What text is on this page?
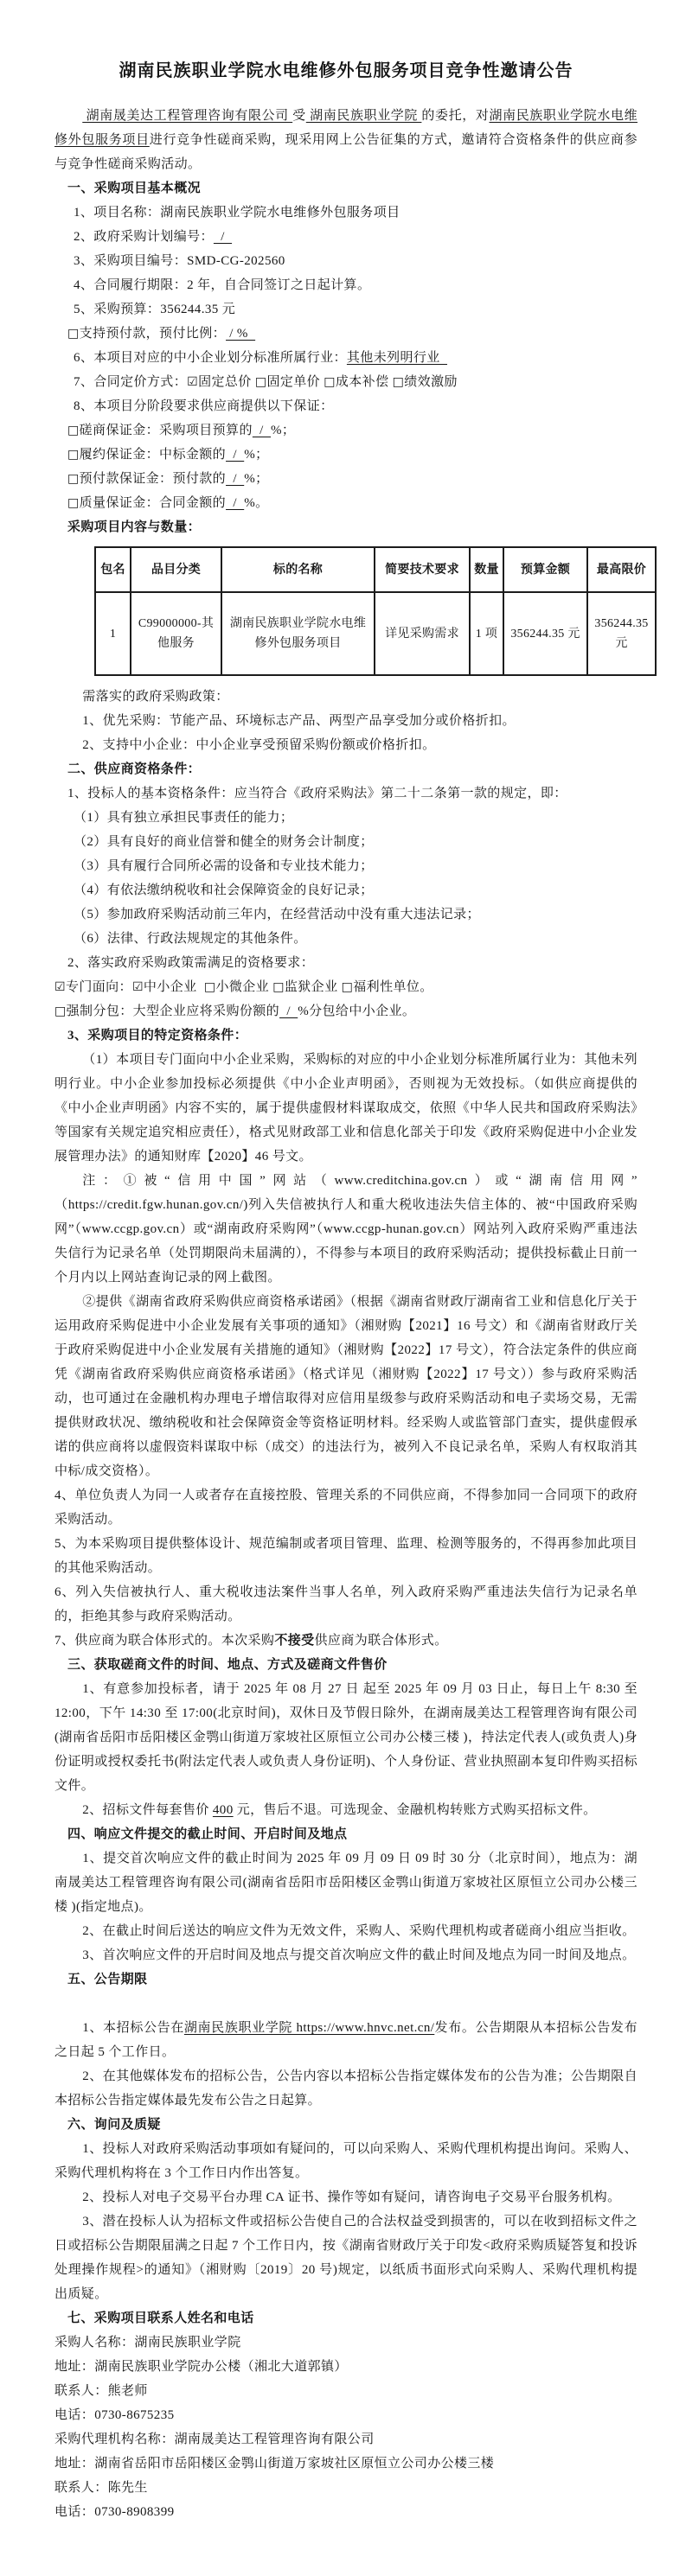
湖南民族职业学院水电维修外包服务项目竞争性邀请公告
湖南晟美达工程管理咨询有限公司 受 湖南民族职业学院 的委托，对湖南民族职业学院水电维修外包服务项目进行竞争性磋商采购，现采用网上公告征集的方式，邀请符合资格条件的供应商参与竞争性磋商采购活动。
一、采购项目基本概况
1、项目名称：湖南民族职业学院水电维修外包服务项目
2、政府采购计划编号：  /
3、采购项目编号：SMD-CG-202560
4、合同履行期限：2 年，自合同签订之日起计算。
5、采购预算：356244.35 元
□支持预付款，预付比例： / %
6、本项目对应的中小企业划分标准所属行业：其他未列明行业
7、合同定价方式：☑固定总价 □固定单价 □成本补偿 □绩效激励
8、本项目分阶段要求供应商提供以下保证：
□磋商保证金：采购项目预算的  /  %；
□履约保证金：中标金额的  /  %；
□预付款保证金：预付款的  /  %；
□质量保证金：合同金额的  /  %。
采购项目内容与数量：
包名	品目分类	标的名称	简要技术要求	数量	预算金额	最高限价
1	C99000000-其他服务	湖南民族职业学院水电维修外包服务项目	详见采购需求	1 项	356244.35 元	356244.35 元
需落实的政府采购政策：
1、优先采购：节能产品、环境标志产品、两型产品享受加分或价格折扣。
2、支持中小企业：中小企业享受预留采购份额或价格折扣。
二、供应商资格条件：
1、投标人的基本资格条件：应当符合《政府采购法》第二十二条第一款的规定，即：
（1）具有独立承担民事责任的能力；
（2）具有良好的商业信誉和健全的财务会计制度；
（3）具有履行合同所必需的设备和专业技术能力；
（4）有依法缴纳税收和社会保障资金的良好记录；
（5）参加政府采购活动前三年内，在经营活动中没有重大违法记录；
（6）法律、行政法规规定的其他条件。
2、落实政府采购政策需满足的资格要求：
☑专门面向：☑中小企业  □小微企业 □监狱企业 □福利性单位。
□强制分包：大型企业应将采购份额的  /  %分包给中小企业。
3、采购项目的特定资格条件：
（1）本项目专门面向中小企业采购，采购标的对应的中小企业划分标准所属行业为：其他未列明行业。中小企业参加投标必须提供《中小企业声明函》，否则视为无效投标。（如供应商提供的《中小企业声明函》内容不实的，属于提供虚假材料谋取成交，依照《中华人民共和国政府采购法》等国家有关规定追究相应责任），格式见财政部工业和信息化部关于印发《政府采购促进中小企业发展管理办法》的通知财库【2020】46 号文。
注：①被“信用中国”网站（www.creditchina.gov.cn）或“湖南信用网”（https://credit.fgw.hunan.gov.cn/)列入失信被执行人和重大税收违法失信主体的、被“中国政府采购网”（www.ccgp.gov.cn）或“湖南政府采购网”（www.ccgp-hunan.gov.cn）网站列入政府采购严重违法失信行为记录名单（处罚期限尚未届满的），不得参与本项目的政府采购活动；提供投标截止日前一个月内以上网站查询记录的网上截图。
②提供《湖南省政府采购供应商资格承诺函》（根据《湖南省财政厅湖南省工业和信息化厅关于运用政府采购促进中小企业发展有关事项的通知》（湘财购【2021】16 号文）和《湖南省财政厅关于政府采购促进中小企业发展有关措施的通知》（湘财购【2022】17 号文），符合法定条件的供应商凭《湖南省政府采购供应商资格承诺函》（格式详见（湘财购【2022】17 号文））参与政府采购活动，也可通过在金融机构办理电子增信取得对应信用星级参与政府采购活动和电子卖场交易，无需提供财政状况、缴纳税收和社会保障资金等资格证明材料。经采购人或监管部门查实，提供虚假承诺的供应商将以虚假资料谋取中标（成交）的违法行为，被列入不良记录名单，采购人有权取消其中标/成交资格）。
4、单位负责人为同一人或者存在直接控股、管理关系的不同供应商，不得参加同一合同项下的政府采购活动。
5、为本采购项目提供整体设计、规范编制或者项目管理、监理、检测等服务的，不得再参加此项目的其他采购活动。
6、列入失信被执行人、重大税收违法案件当事人名单，列入政府采购严重违法失信行为记录名单的，拒绝其参与政府采购活动。
7、供应商为联合体形式的。本次采购不接受供应商为联合体形式。
三、获取磋商文件的时间、地点、方式及磋商文件售价
1、有意参加投标者，请于 2025 年 08 月 27 日 起至 2025 年 09 月 03 日止，每日上午 8:30 至 12:00，下午 14:30 至 17:00(北京时间)，双休日及节假日除外，在湖南晟美达工程管理咨询有限公司(湖南省岳阳市岳阳楼区金鹗山街道万家坡社区原恒立公司办公楼三楼 )，持法定代表人(或负责人)身份证明或授权委托书(附法定代表人或负责人身份证明)、个人身份证、营业执照副本复印件购买招标文件。
2、招标文件每套售价 400 元，售后不退。可选现金、金融机构转账方式购买招标文件。
四、响应文件提交的截止时间、开启时间及地点
1、提交首次响应文件的截止时间为 2025 年 09 月 09 日 09 时 30 分（北京时间），地点为：湖南晟美达工程管理咨询有限公司(湖南省岳阳市岳阳楼区金鹗山街道万家坡社区原恒立公司办公楼三楼 )(指定地点)。
2、在截止时间后送达的响应文件为无效文件，采购人、采购代理机构或者磋商小组应当拒收。
3、首次响应文件的开启时间及地点与提交首次响应文件的截止时间及地点为同一时间及地点。
五、公告期限
1、本招标公告在湖南民族职业学院 https://www.hnvc.net.cn/发布。公告期限从本招标公告发布之日起 5 个工作日。
2、在其他媒体发布的招标公告，公告内容以本招标公告指定媒体发布的公告为准；公告期限自本招标公告指定媒体最先发布公告之日起算。
六、询问及质疑
1、投标人对政府采购活动事项如有疑问的，可以向采购人、采购代理机构提出询问。采购人、采购代理机构将在 3 个工作日内作出答复。
2、投标人对电子交易平台办理 CA 证书、操作等如有疑问，请咨询电子交易平台服务机构。
3、潜在投标人认为招标文件或招标公告使自己的合法权益受到损害的，可以在收到招标文件之日或招标公告期限届满之日起 7 个工作日内，按《湖南省财政厅关于印发<政府采购质疑答复和投诉处理操作规程>的通知》（湘财购〔2019〕20 号)规定，以纸质书面形式向采购人、采购代理机构提出质疑。
七、采购项目联系人姓名和电话
采购人名称：湖南民族职业学院
地址：湖南民族职业学院办公楼（湘北大道郭镇）
联系人：熊老师
电话：0730-8675235
采购代理机构名称：湖南晟美达工程管理咨询有限公司
地址：湖南省岳阳市岳阳楼区金鹗山街道万家坡社区原恒立公司办公楼三楼
联系人：陈先生
电话：0730-8908399
